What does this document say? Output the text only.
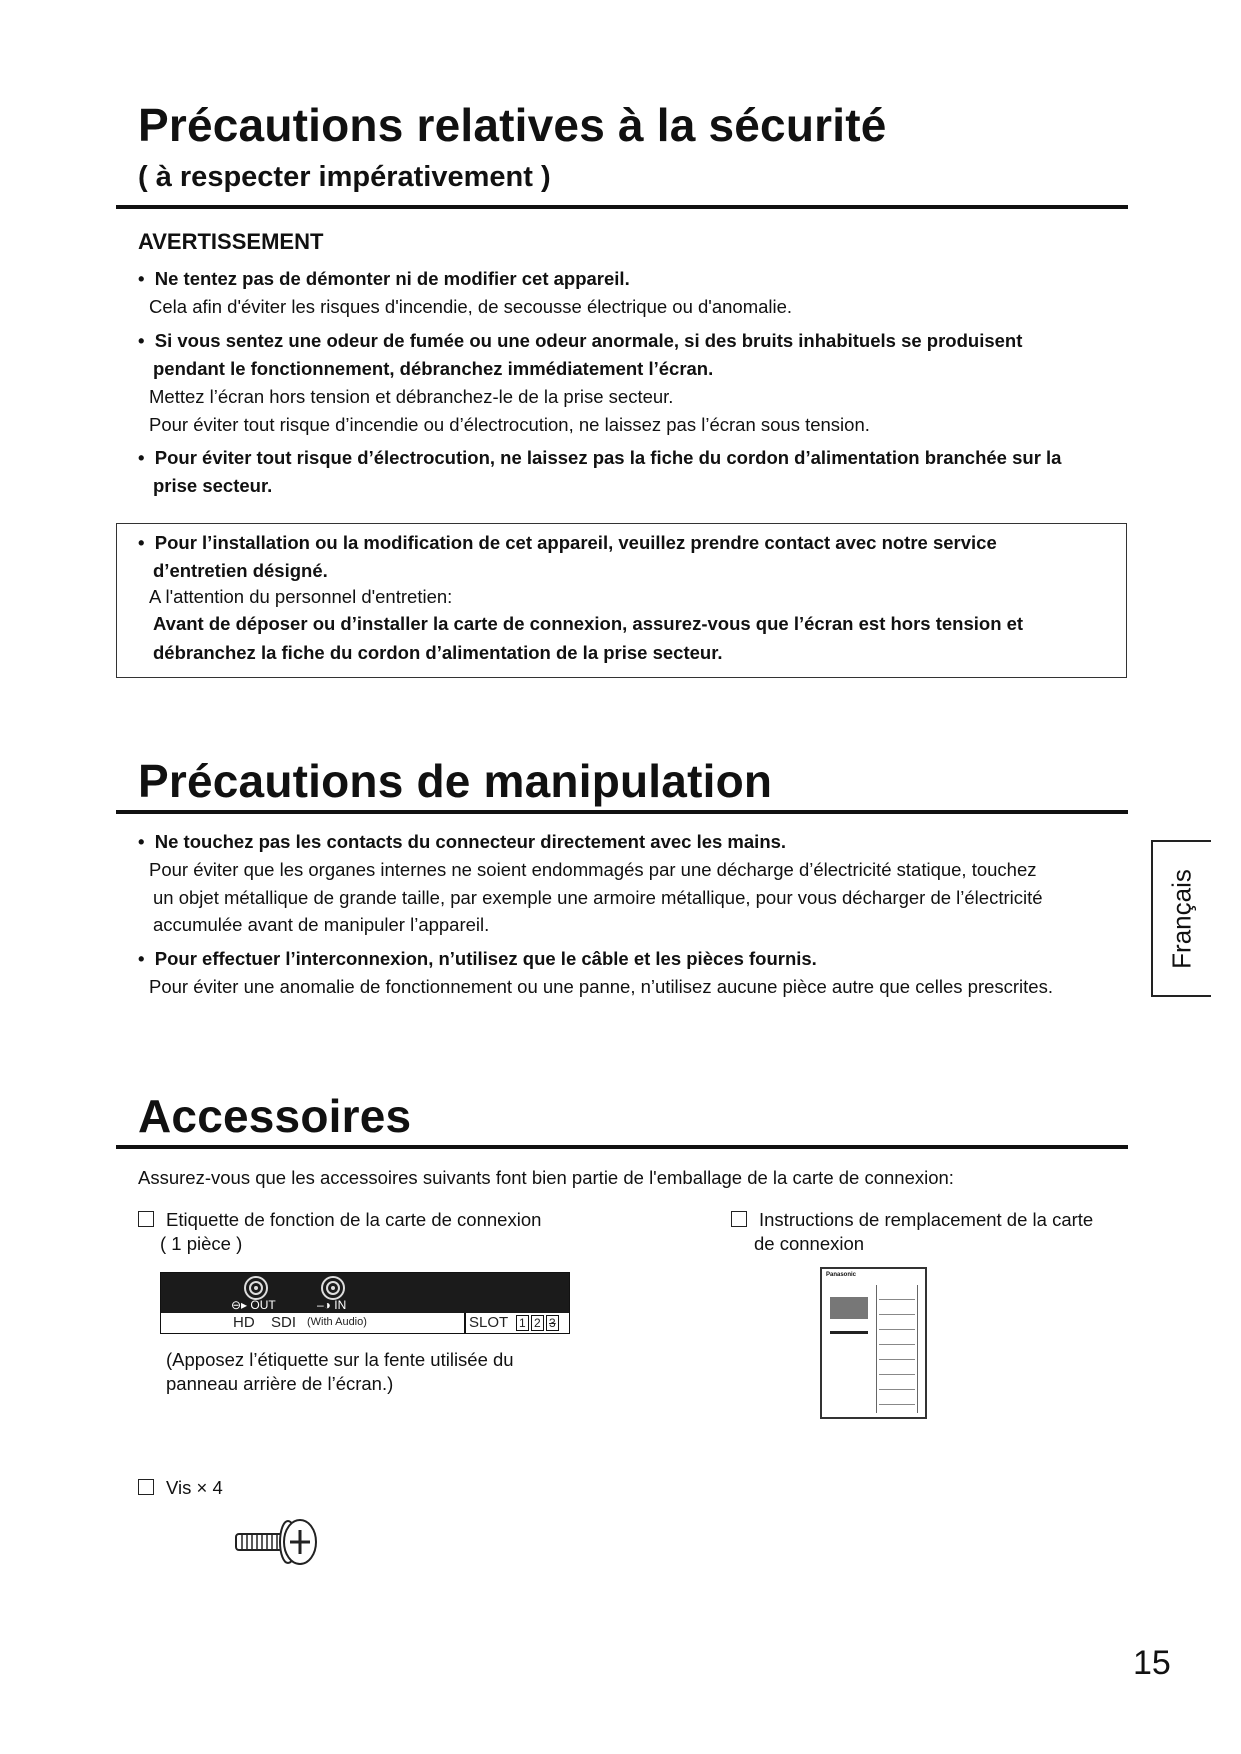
Précautions relatives à la sécurité
( à respecter impérativement )
AVERTISSEMENT
•  Ne tentez pas de démonter ni de modifier cet appareil.
Cela afin d'éviter les risques d'incendie, de secousse électrique ou d'anomalie.
•  Si vous sentez une odeur de fumée ou une odeur anormale, si des bruits inhabituels se produisent
pendant le fonctionnement, débranchez immédiatement l’écran.
Mettez l’écran hors tension et débranchez-le de la prise secteur.
Pour éviter tout risque d’incendie ou d’électrocution, ne laissez pas l’écran sous tension.
•  Pour éviter tout risque d’électrocution, ne laissez pas la fiche du cordon d’alimentation branchée sur la
prise secteur.
•  Pour l’installation ou la modification de cet appareil, veuillez prendre contact avec notre service
d’entretien désigné.
A l'attention du personnel d'entretien:
Avant de déposer ou d’installer la carte de connexion, assurez-vous que l’écran est hors tension et
débranchez la fiche du cordon d’alimentation de la prise secteur.
Précautions de manipulation
•  Ne touchez pas les contacts du connecteur directement avec les mains.
Pour éviter que les organes internes ne soient endommagés par une décharge d’électricité statique, touchez
un objet métallique de grande taille, par exemple une armoire métallique, pour vous décharger de l’électricité
accumulée avant de manipuler l’appareil.
•  Pour effectuer l’interconnexion, n’utilisez que le câble et les pièces fournis.
Pour éviter une anomalie de fonctionnement ou une panne, n’utilisez aucune pièce autre que celles prescrites.
Français
Accessoires
Assurez-vous que les accessoires suivants font bien partie de l'emballage de la carte de connexion:
Etiquette de fonction de la carte de connexion
( 1 pièce )
⊖▸ OUT	–◑ IN
HD SDI (With Audio)	SLOT 1 2 3
(Apposez l’étiquette sur la fente utilisée du
panneau arrière de l’écran.)
Instructions de remplacement de la carte
de connexion
Panasonic
Vis × 4
15
